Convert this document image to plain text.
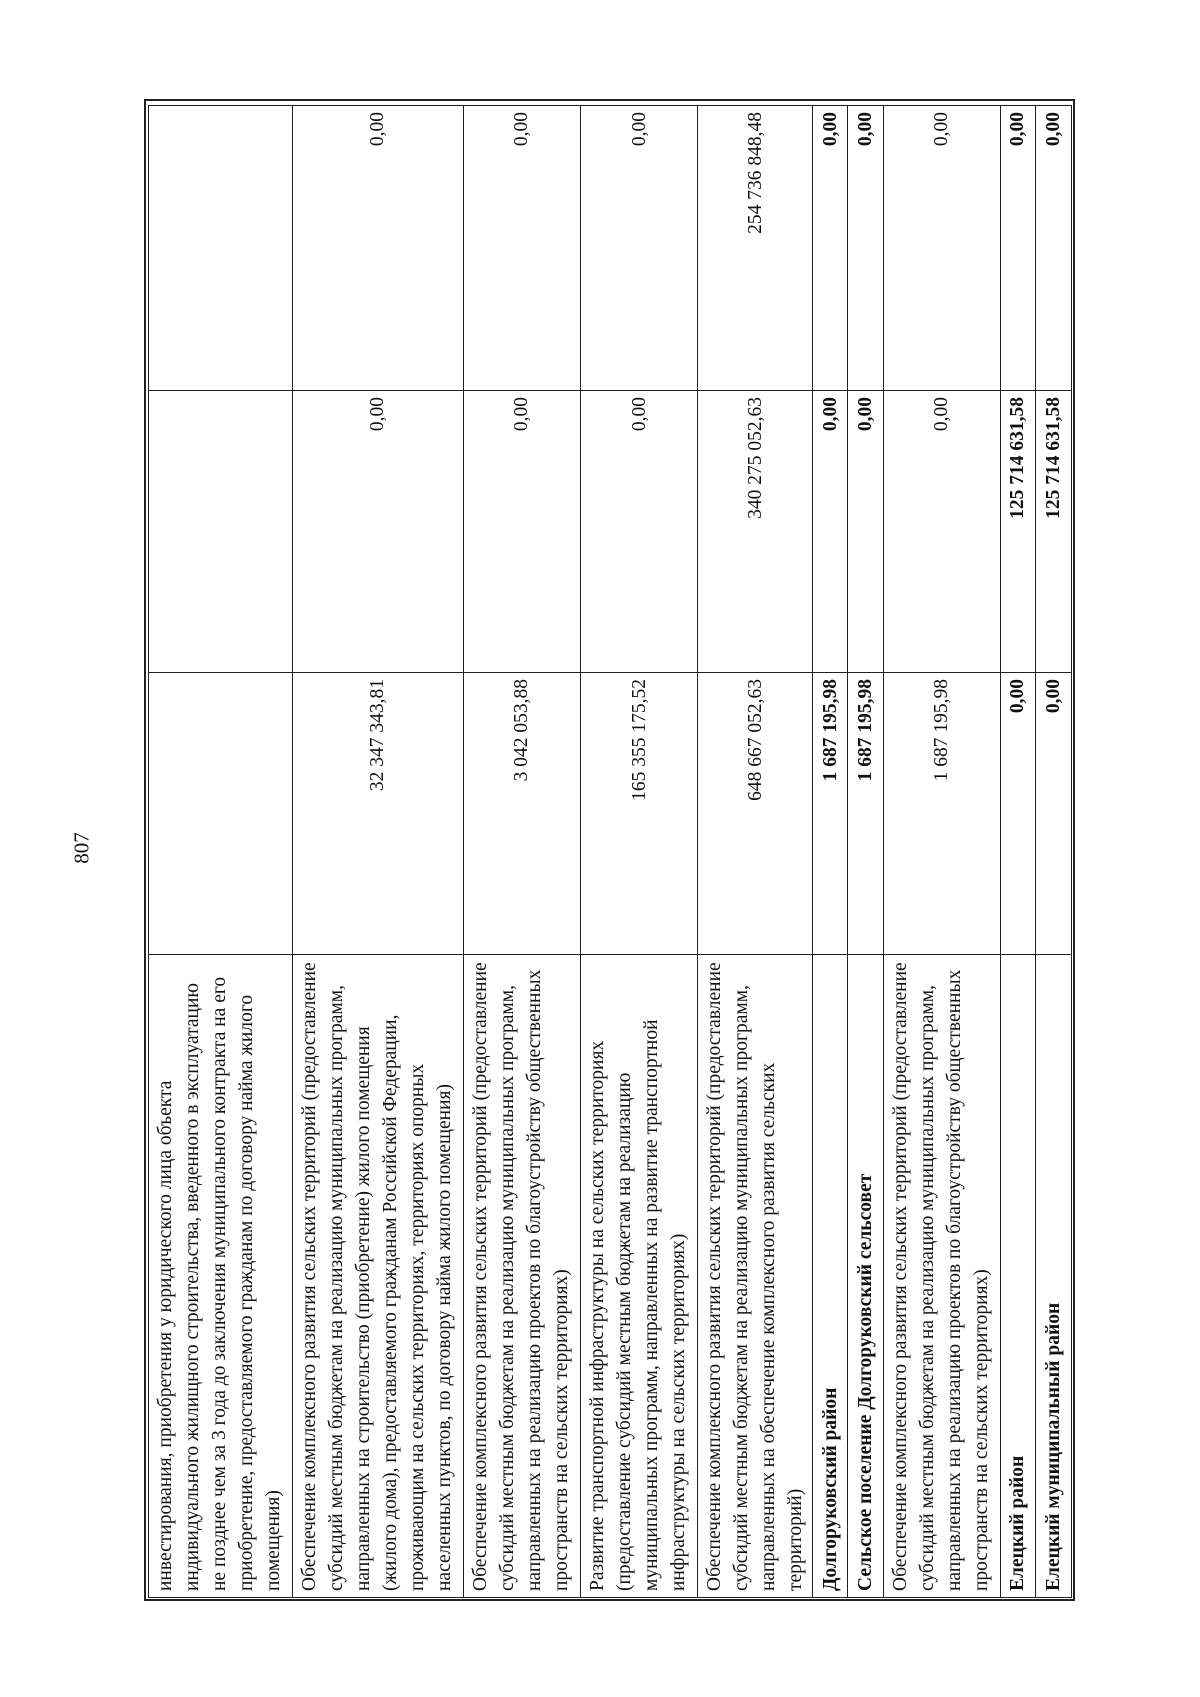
807
инвестирования, приобретения у юридического лица объекта индивидуального жилищного строительства, введенного в эксплуатацию не позднее чем за 3 года до заключения муниципального контракта на его приобретение, предоставляемого гражданам по договору найма жилого помещения)			
Обеспечение комплексного развития сельских территорий (предоставление субсидий местным бюджетам на реализацию муниципальных программ, направленных на строительство (приобретение) жилого помещения (жилого дома), предоставляемого гражданам Российской Федерации, проживающим на сельских территориях, территориях опорных населенных пунктов, по договору найма жилого помещения)	32 347 343,81	0,00	0,00
Обеспечение комплексного развития сельских территорий (предоставление субсидий местным бюджетам на реализацию муниципальных программ, направленных на реализацию проектов по благоустройству общественных пространств на сельских территориях)	3 042 053,88	0,00	0,00
Развитие транспортной инфраструктуры на сельских территориях (предоставление субсидий местным бюджетам на реализацию муниципальных программ, направленных на развитие транспортной инфраструктуры на сельских территориях)	165 355 175,52	0,00	0,00
Обеспечение комплексного развития сельских территорий (предоставление субсидий местным бюджетам на реализацию муниципальных программ, направленных на обеспечение комплексного развития сельских территорий)	648 667 052,63	340 275 052,63	254 736 848,48
Долгоруковский район	1 687 195,98	0,00	0,00
Сельское поселение Долгоруковский сельсовет	1 687 195,98	0,00	0,00
Обеспечение комплексного развития сельских территорий (предоставление субсидий местным бюджетам на реализацию муниципальных программ, направленных на реализацию проектов по благоустройству общественных пространств на сельских территориях)	1 687 195,98	0,00	0,00
Елецкий район	0,00	125 714 631,58	0,00
Елецкий муниципальный район	0,00	125 714 631,58	0,00
